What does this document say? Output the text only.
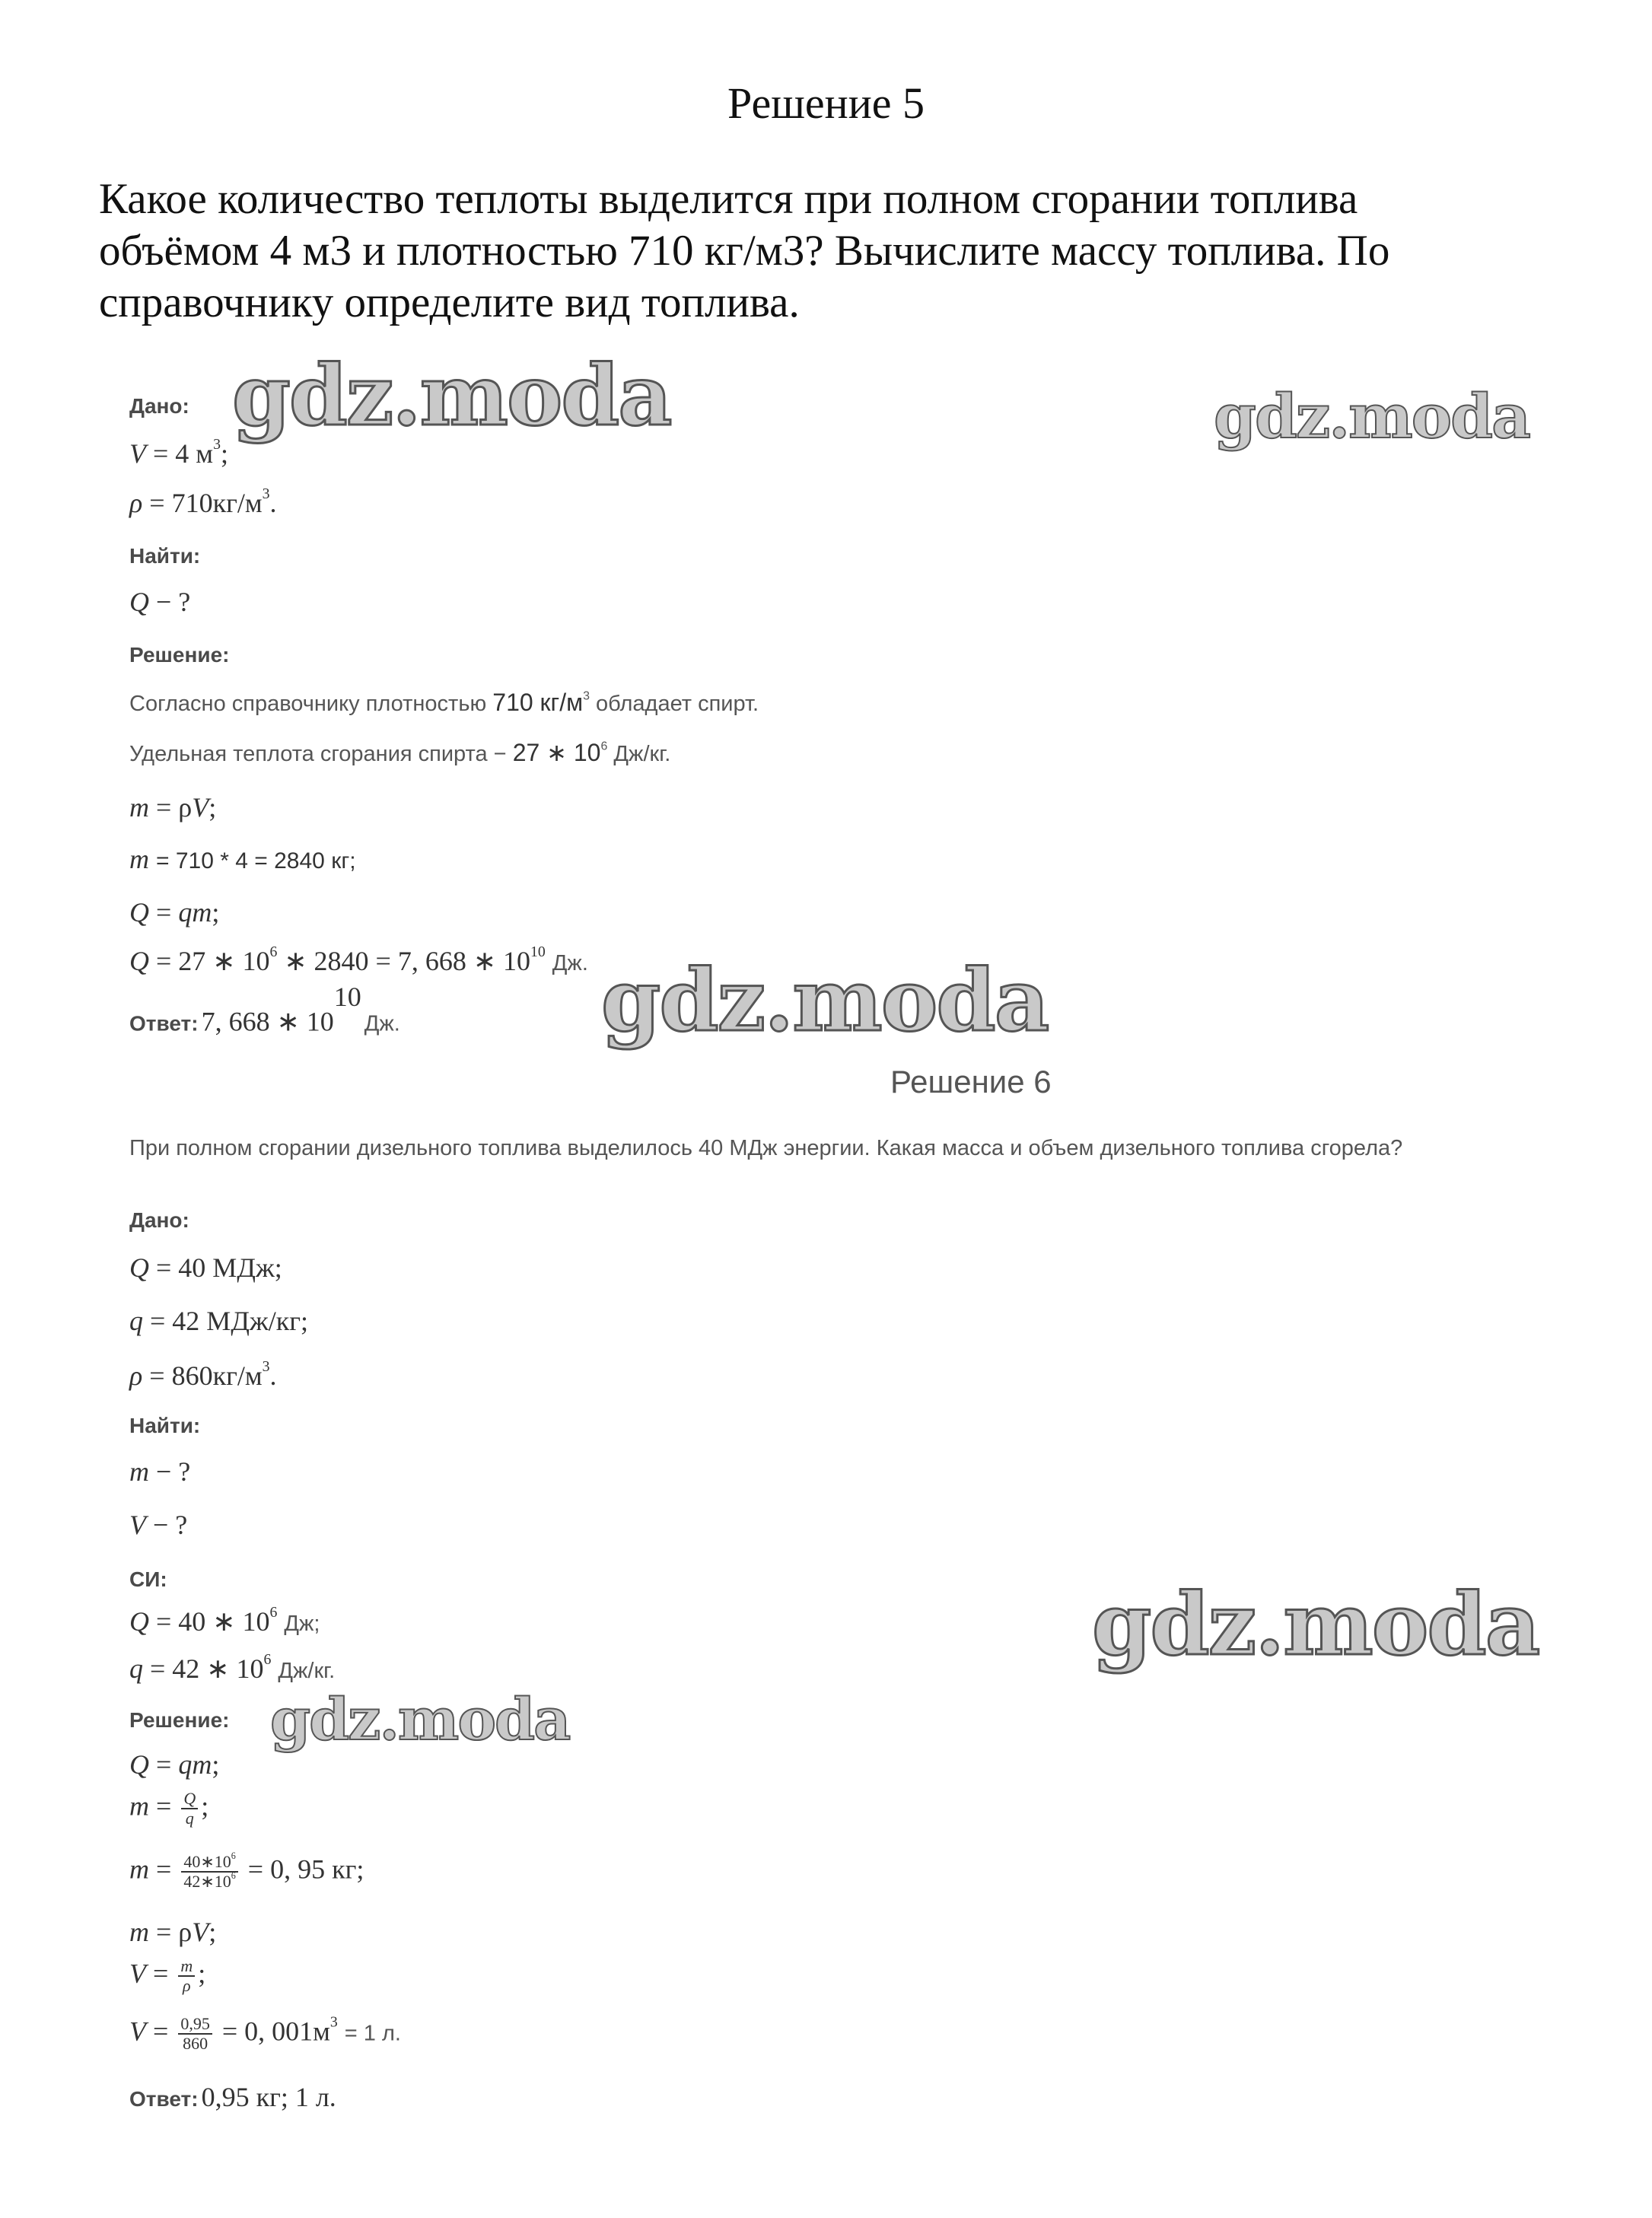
Решение 5
Какое количество теплоты выделится при полном сгорании топлива
объёмом 4 м3 и плотностью 710 кг/м3? Вычислите массу топлива. По
справочнику определите вид топлива.
Дано:
V = 4 $м^3$;
$\rho = 710кг/м^3$.
Найти:
Q − ?
Решение:
Согласно справочнику плотностью 710 $кг/м^3$ обладает спирт.
Удельная теплота сгорания спирта − 27 ∗ $10^6$ Дж/кг.
m = ρV;
m = 710 * 4 = 2840 кг;
Q = qm;
Q = 27 ∗ $10^6$ ∗ 2840 = 7, 668 ∗ $10^{10}$ Дж.
Ответ: 7, 668 ∗ $10^{10}$ Дж.
Решение 6
При полном сгорании дизельного топлива выделилось 40 МДж энергии. Какая масса и объем дизельного топлива сгорела?
Дано:
Q = 40 МДж;
q = 42 МДж/кг;
$\rho = 860кг/м^3$.
Найти:
m − ?
V − ?
СИ:
Q = 40 ∗ $10^6$ Дж;
q = 42 ∗ $10^6$ Дж/кг.
Решение:
Q = qm;
$m = \frac{Q}{q}$ ;
$m = \frac{40∗10^6}{42∗10^6} = 0$, 95 кг;
m = ρV;
$V = \frac{m}{\rho}$ ;
$V = \frac{0,95}{860} = 0$, $001м^3 = 1$ л.
Ответ: 0,95 кг; 1 л.
gdz.moda	gdz.moda
gdz.moda
gdz.moda
gdz.moda
